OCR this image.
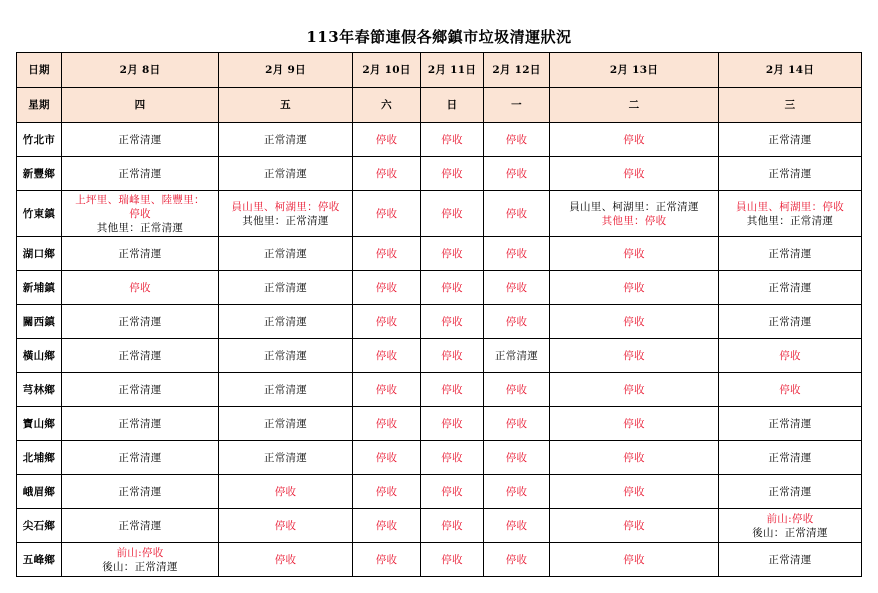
113年春節連假各鄉鎮市垃圾清運狀況
日期	2月 8日	2月 9日	2月 10日	2月 11日	2月 12日	2月 13日	2月 14日
星期	四	五	六	日	一	二	三
竹北市	正常清運	正常清運	停收	停收	停收	停收	正常清運

新豐鄉	正常清運	正常清運	停收	停收	停收	停收	正常清運

竹東鎮	上坪里、瑞峰里、陸豐里：
停收
其他里：正常清運	員山里、柯湖里：停收
其他里：正常清運	停收	停收	停收	員山里、柯湖里：正常清運
其他里：停收	員山里、柯湖里：停收
其他里：正常清運

湖口鄉	正常清運	正常清運	停收	停收	停收	停收	正常清運

新埔鎮	停收	正常清運	停收	停收	停收	停收	正常清運

關西鎮	正常清運	正常清運	停收	停收	停收	停收	正常清運

橫山鄉	正常清運	正常清運	停收	停收	正常清運	停收	停收

芎林鄉	正常清運	正常清運	停收	停收	停收	停收	停收

寶山鄉	正常清運	正常清運	停收	停收	停收	停收	正常清運

北埔鄉	正常清運	正常清運	停收	停收	停收	停收	正常清運

峨眉鄉	正常清運	停收	停收	停收	停收	停收	正常清運

尖石鄉	正常清運	停收	停收	停收	停收	停收	前山:停收
後山：正常清運

五峰鄉	前山:停收
後山：正常清運	停收	停收	停收	停收	停收	正常清運
